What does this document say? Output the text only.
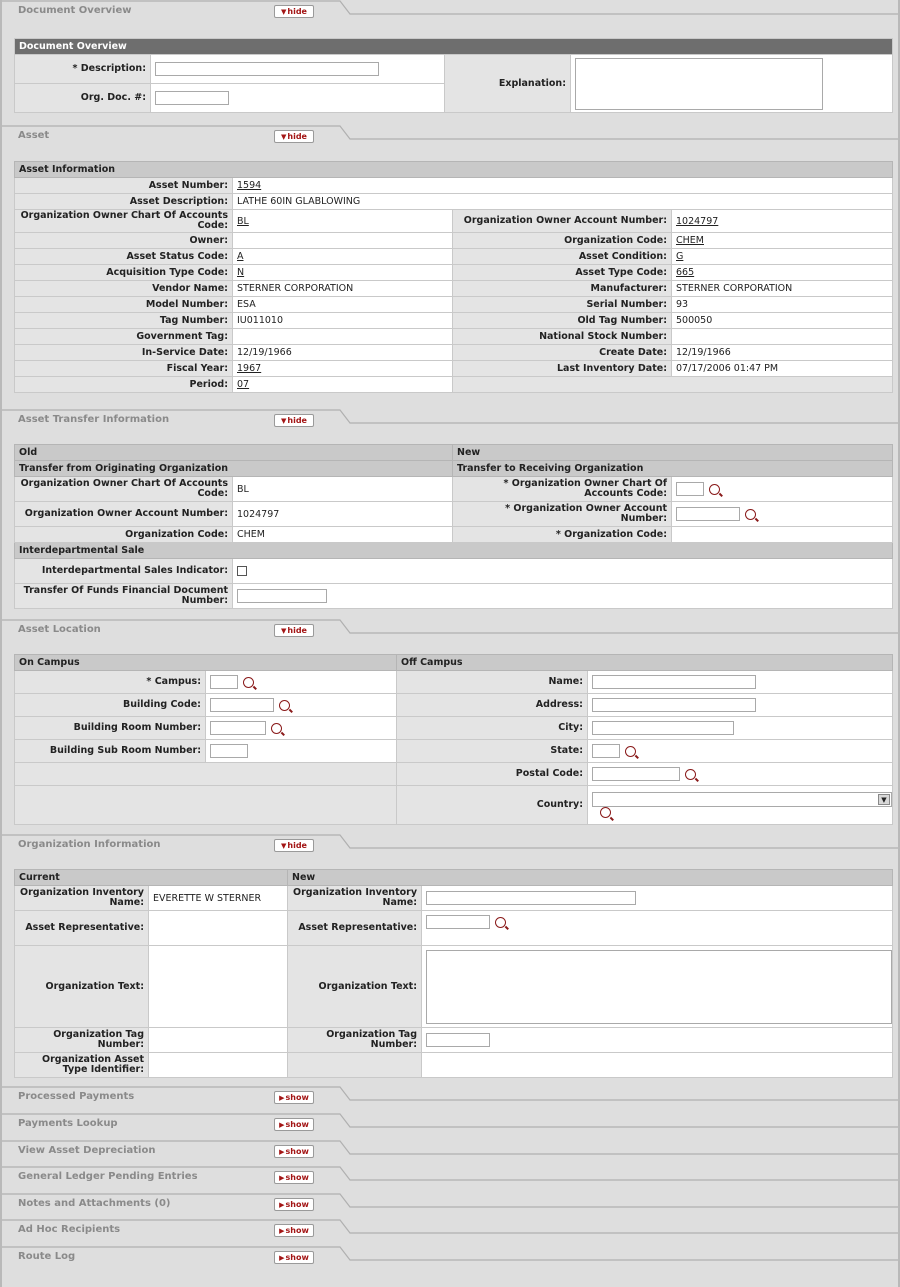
Document Overview	▼hide
Document Overview			
* Description:		Explanation:	
Org. Doc. #:			
Asset	▼hide
Asset Information			
Asset Number:	1594		
Asset Description:	LATHE 60IN GLABLOWING		
Organization Owner Chart Of Accounts Code:	BL	Organization Owner Account Number:	1024797
Owner:		Organization Code:	CHEM
Asset Status Code:	A	Asset Condition:	G
Acquisition Type Code:	N	Asset Type Code:	665
Vendor Name:	STERNER CORPORATION	Manufacturer:	STERNER CORPORATION
Model Number:	ESA	Serial Number:	93
Tag Number:	IU011010	Old Tag Number:	500050
Government Tag:		National Stock Number:	
In-Service Date:	12/19/1966	Create Date:	12/19/1966
Fiscal Year:	1967	Last Inventory Date:	07/17/2006 01:47 PM
Period:	07		
Asset Transfer Information	▼hide
Old		New	
Transfer from Originating Organization		Transfer to Receiving Organization	
Organization Owner Chart Of Accounts Code:	BL	* Organization Owner Chart Of Accounts Code:	
Organization Owner Account Number:	1024797	* Organization Owner Account Number:	
Organization Code:	CHEM	* Organization Code:	
Interdepartmental Sale			
Interdepartmental Sales Indicator:			
Transfer Of Funds Financial Document Number:			
Asset Location	▼hide
On Campus		Off Campus	
* Campus:		Name:	
Building Code:		Address:	
Building Room Number:		City:	
Building Sub Room Number:		State:	
		Postal Code:	
		Country:	▼

Organization Information	▼hide
Current		New	
Organization Inventory Name:	EVERETTE W STERNER	Organization Inventory Name:	
Asset Representative:		Asset Representative:	
Organization Text:		Organization Text:	
Organization Tag Number:		Organization Tag Number:	
Organization Asset Type Identifier:			
Processed Payments	▶show
Payments Lookup	▶show
View Asset Depreciation	▶show
General Ledger Pending Entries	▶show
Notes and Attachments (0)	▶show
Ad Hoc Recipients	▶show
Route Log	▶show
